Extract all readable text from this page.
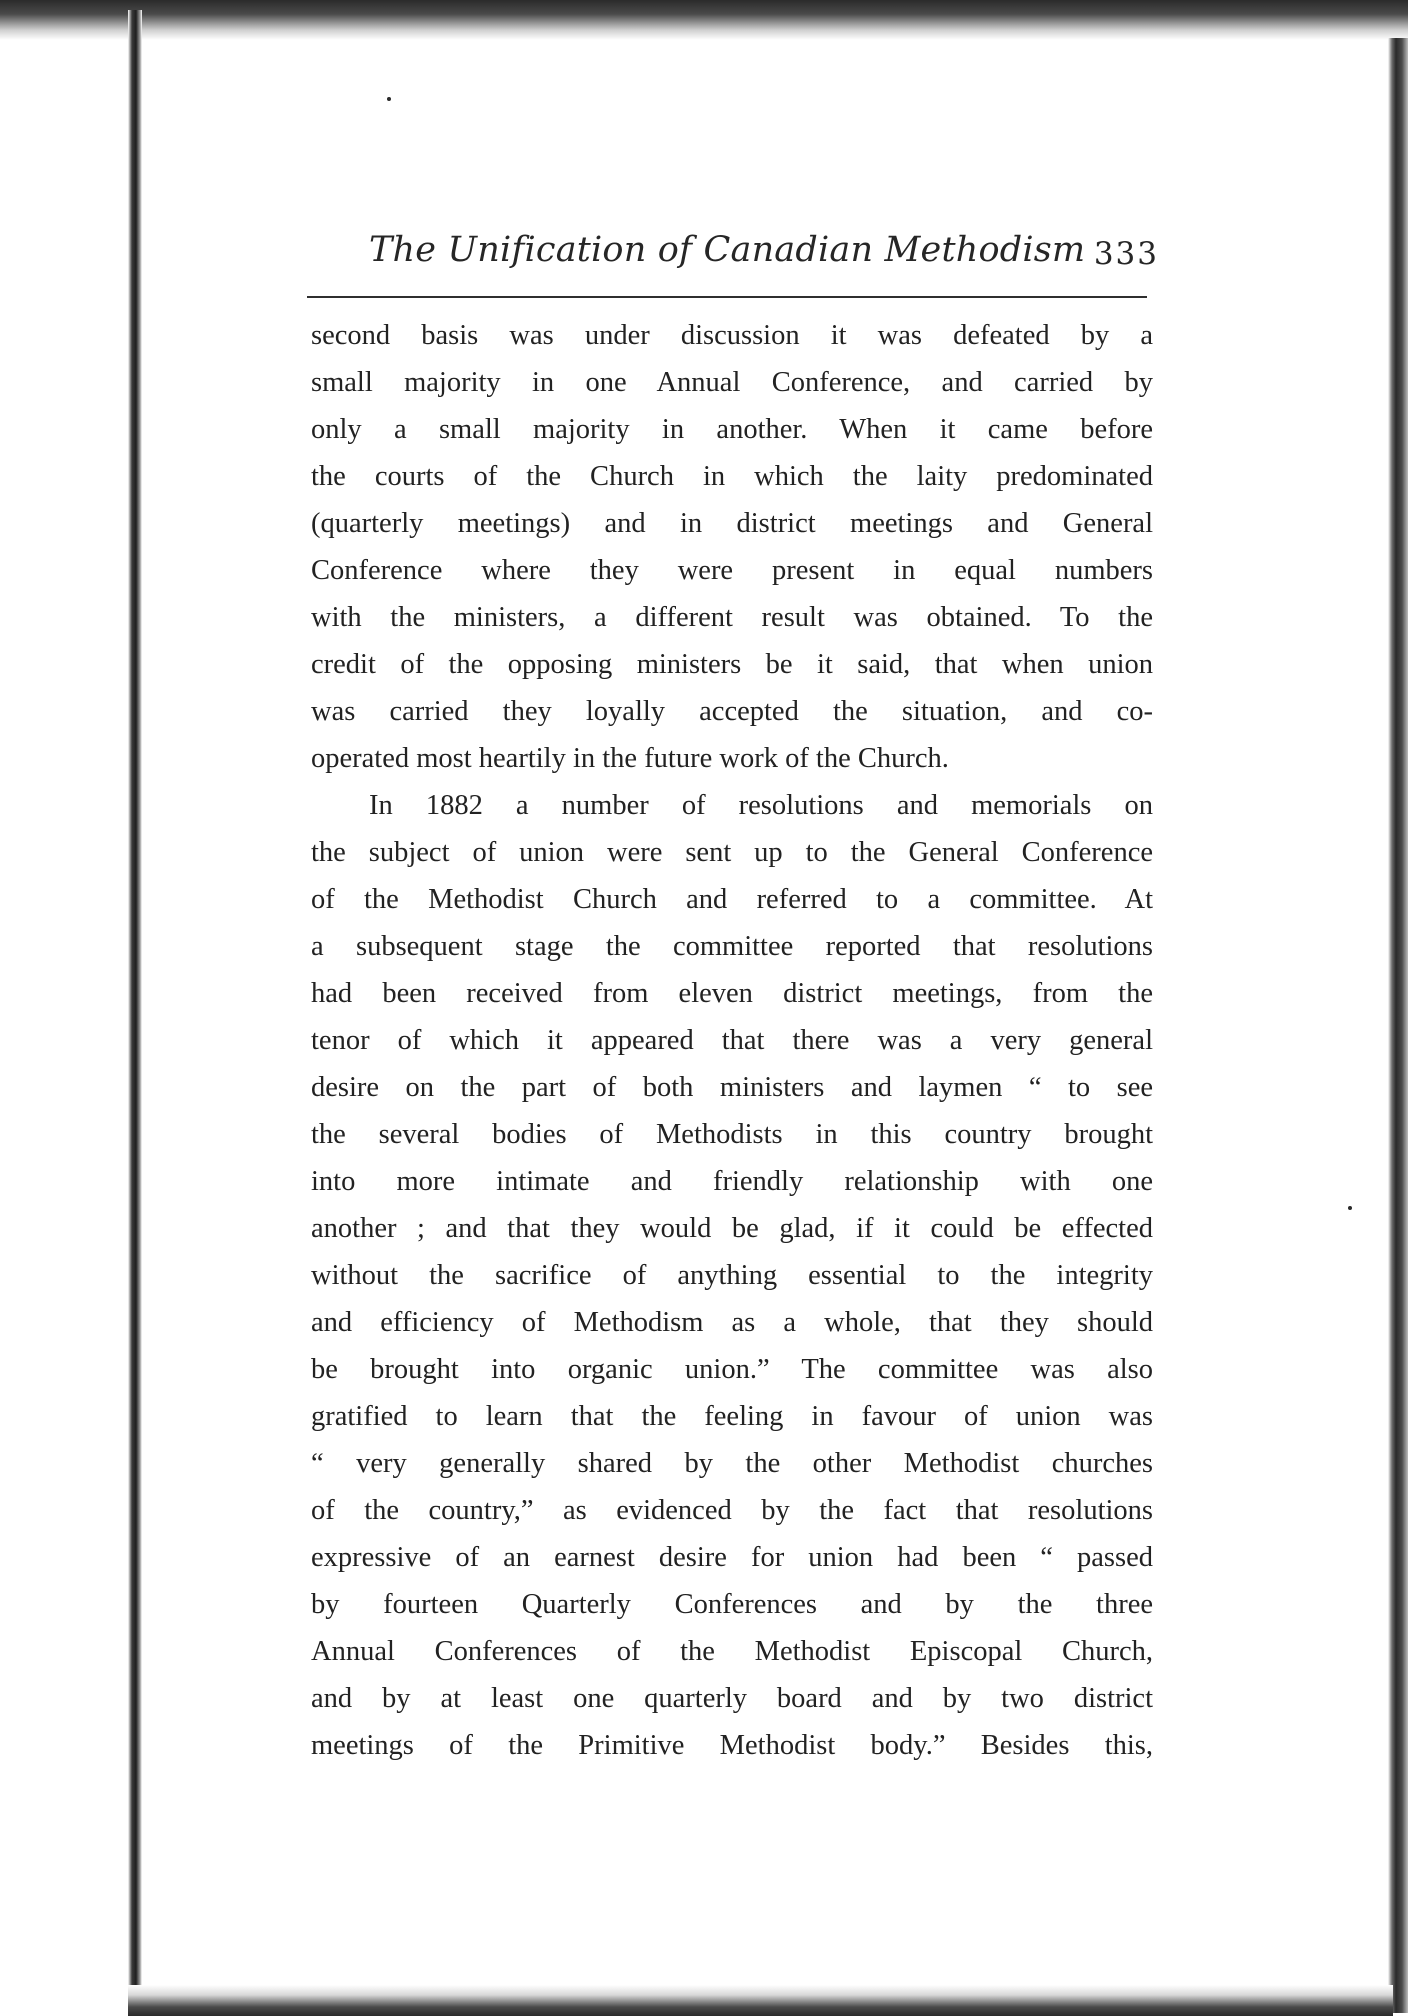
The Unification of Canadian Methodism 333
second basis was under discussion it was defeated by a
small majority in one Annual Conference, and carried by
only a small majority in another. When it came before
the courts of the Church in which the laity predominated
(quarterly meetings) and in district meetings and General
Conference where they were present in equal numbers
with the ministers, a different result was obtained. To the
credit of the opposing ministers be it said, that when union
was carried they loyally accepted the situation, and co-
operated most heartily in the future work of the Church.
In 1882 a number of resolutions and memorials on
the subject of union were sent up to the General Conference
of the Methodist Church and referred to a committee. At
a subsequent stage the committee reported that resolutions
had been received from eleven district meetings, from the
tenor of which it appeared that there was a very general
desire on the part of both ministers and laymen “ to see
the several bodies of Methodists in this country brought
into more intimate and friendly relationship with one
another ; and that they would be glad, if it could be effected
without the sacrifice of anything essential to the integrity
and efficiency of Methodism as a whole, that they should
be brought into organic union.” The committee was also
gratified to learn that the feeling in favour of union was
“ very generally shared by the other Methodist churches
of the country,” as evidenced by the fact that resolutions
expressive of an earnest desire for union had been “ passed
by fourteen Quarterly Conferences and by the three
Annual Conferences of the Methodist Episcopal Church,
and by at least one quarterly board and by two district
meetings of the Primitive Methodist body.” Besides this,
